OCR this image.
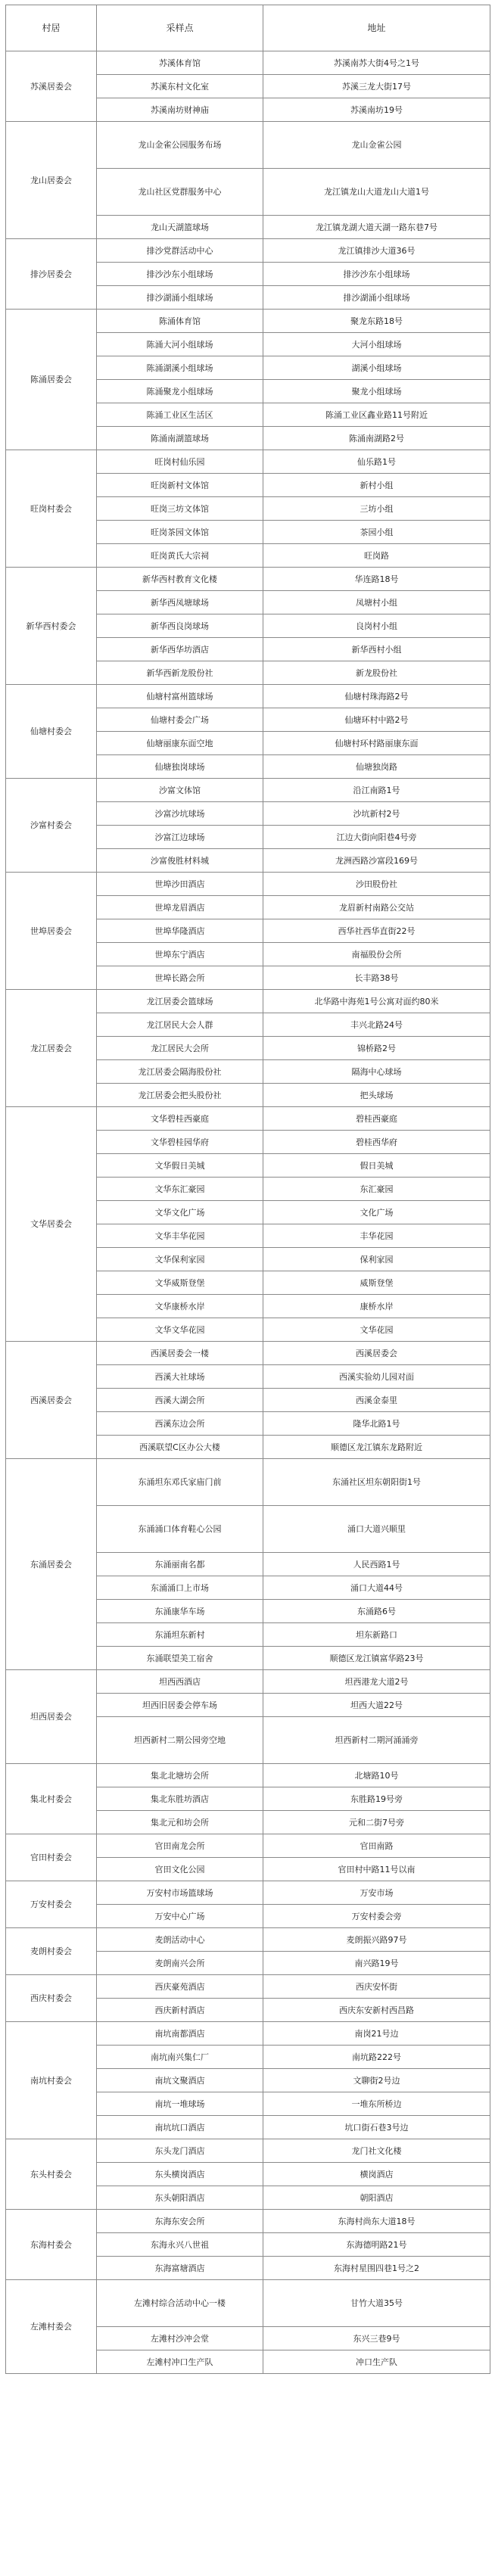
村居	采样点	地址
苏溪居委会	苏溪体育馆	苏溪南苏大街4号之1号
	苏溪东村文化室	苏溪三龙大街17号
	苏溪南坊财神庙	苏溪南坊19号
龙山居委会	龙山金雀公园服务布场	龙山金雀公园
	龙山社区党群服务中心	龙江镇龙山大道龙山大道1号
	龙山天湖篮球场	龙江镇龙湖大道天湖一路东巷7号
排沙居委会	排沙党群活动中心	龙江镇排沙大道36号
	排沙沙东小组球场	排沙沙东小组球场
	排沙湖涌小组球场	排沙湖涌小组球场
陈涌居委会	陈涌体育馆	聚龙东路18号
	陈涌大河小组球场	大河小组球场
	陈涌湖溪小组球场	湖溪小组球场
	陈涌聚龙小组球场	聚龙小组球场
	陈涌工业区生活区	陈涌工业区鑫业路11号附近
	陈涌南湖篮球场	陈涌南湖路2号
旺岗村委会	旺岗村仙乐园	仙乐路1号
	旺岗新村文体馆	新村小组
	旺岗三坊文体馆	三坊小组
	旺岗茶园文体馆	茶园小组
	旺岗黄氏大宗祠	旺岗路
新华西村委会	新华西村教育文化楼	华连路18号
	新华西凤塘球场	凤塘村小组
	新华西良岗球场	良岗村小组
	新华西华坊酒店	新华西村小组
	新华西新龙股份社	新龙股份社
仙塘村委会	仙塘村富州篮球场	仙塘村珠海路2号
	仙塘村委会广场	仙塘环村中路2号
	仙塘丽康东面空地	仙塘村环村路丽康东面
	仙塘独岗球场	仙塘独岗路
沙富村委会	沙富文体馆	沿江南路1号
	沙富沙坑球场	沙坑新村2号
	沙富江边球场	江边大街向阳巷4号旁
	沙富俊胜材料城	龙洲西路沙富段169号
世埠居委会	世埠沙田酒店	沙田股份社
	世埠龙眉酒店	龙眉新村南路公交站
	世埠华隆酒店	西华社西华直街22号
	世埠东宁酒店	南福股份会所
	世埠长路会所	长丰路38号
龙江居委会	龙江居委会篮球场	北华路中海苑1号公寓对面约80米
	龙江居民大会人群	丰兴北路24号
	龙江居民大会所	锦桥路2号
	龙江居委会隔海股份社	隔海中心球场
	龙江居委会把头股份社	把头球场
文华居委会	文华碧桂西豪庭	碧桂西豪庭
	文华碧桂园华府	碧桂西华府
	文华假日美城	假日美城
	文华东汇豪园	东汇豪园
	文华文化广场	文化广场
	文华丰华花园	丰华花园
	文华保利家园	保利家园
	文华威斯登堡	威斯登堡
	文华康桥水岸	康桥水岸
	文华文华花园	文华花园
西溪居委会	西溪居委会一楼	西溪居委会
	西溪大社球场	西溪实验幼儿园对面
	西溪大湖会所	西溪金泰里
	西溪东边会所	隆华北路1号
	西溪联望C区办公大楼	顺德区龙江镇东龙路附近
东涌居委会	东涌坦东邓氏家庙门前	东涌社区坦东朝阳街1号
	东涌涌口体育鞋心公园	涌口大道兴顺里
	东涌丽南名都	人民西路1号
	东涌涌口上市场	涌口大道44号
	东涌康华车场	东涌路6号
	东涌坦东新村	坦东新路口
	东涌联望美工宿舍	顺德区龙江镇富华路23号
坦西居委会	坦西西酒店	坦西港龙大道2号
	坦西旧居委会停车场	坦西大道22号
	坦西新村二期公园旁空地	坦西新村二期河涌涌旁
集北村委会	集北北塘坊会所	北塘路10号
	集北东胜坊酒店	东胜路19号旁
	集北元和坊会所	元和二街7号旁
官田村委会	官田南龙会所	官田南路
	官田文化公园	官田村中路11号以南
万安村委会	万安村市场篮球场	万安市场
	万安中心广场	万安村委会旁
麦朗村委会	麦朗活动中心	麦朗振兴路97号
	麦朗南兴会所	南兴路19号
西庆村委会	西庆豪苑酒店	西庆安怀街
	西庆新村酒店	西庆东安新村西昌路
南坑村委会	南坑南都酒店	南岗21号边
	南坑南兴集仁厂	南坑路222号
	南坑文聚酒店	文聊街2号边
	南坑一堆球场	一堆东所桥边
	南坑坑口酒店	坑口街石巷3号边
东头村委会	东头龙门酒店	龙门社文化楼
	东头横岗酒店	横岗酒店
	东头朝阳酒店	朝阳酒店
东海村委会	东海东安会所	东海村尚东大道18号
	东海永兴八世祖	东海德明路21号
	东海富塘酒店	东海村星围四巷1号之2
左滩村委会	左滩村综合活动中心一楼	甘竹大道35号
	左滩村沙冲会堂	东兴三巷9号
	左滩村冲口生产队	冲口生产队
